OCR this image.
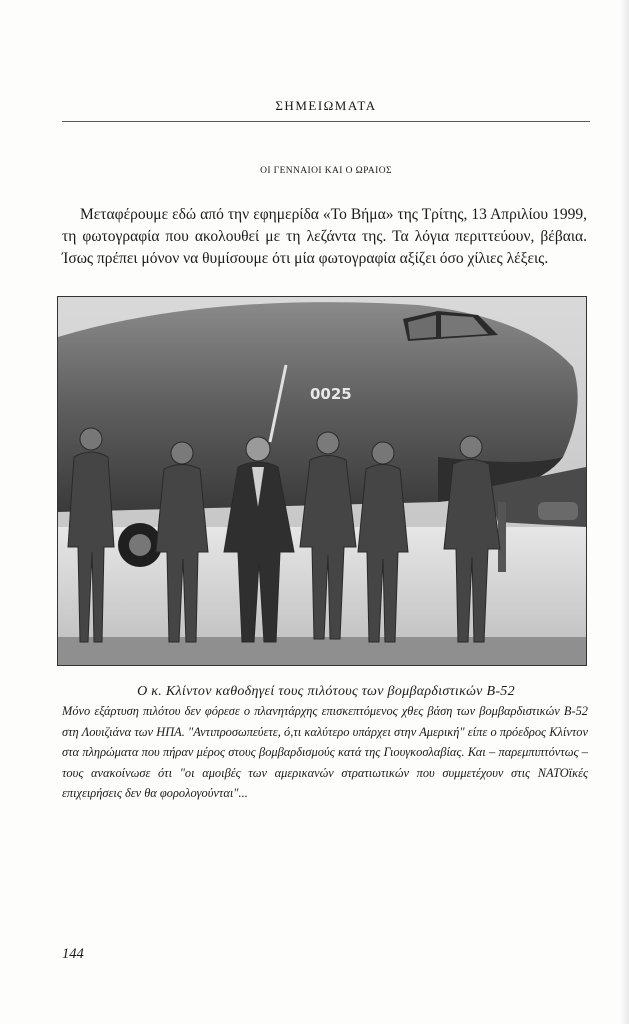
ΣΗΜΕΙΩΜΑΤΑ
ΟΙ ΓΕΝΝΑΙΟΙ ΚΑΙ Ο ΩΡΑΙΟΣ
Μεταφέρουμε εδώ από την εφημερίδα «Το Βήμα» της Τρίτης, 13 Απριλίου 1999, τη φωτογραφία που ακολουθεί με τη λεζάντα της. Τα λόγια περιττεύουν, βέβαια. Ίσως πρέπει μόνον να θυμίσουμε ότι μία φωτογραφία αξίζει όσο χίλιες λέξεις.
0025
Ο κ. Κλίντον καθοδηγεί τους πιλότους των βομβαρδιστικών Β-52
Μόνο εξάρτυση πιλότου δεν φόρεσε ο πλανητάρχης επισκεπτόμενος χθες βάση των βομβαρδιστικών Β-52 στη Λουιζιάνα των ΗΠΑ. "Αντιπροσωπεύετε, ό,τι καλύτερο υπάρχει στην Αμερική" είπε ο πρόεδρος Κλίντον στα πληρώματα που πήραν μέρος στους βομβαρδισμούς κατά της Γιουγκοσλαβίας. Και – παρεμπιπτόντως – τους ανακοίνωσε ότι "οι αμοιβές των αμερικανών στρατιωτικών που συμμετέχουν στις ΝΑΤΟϊκές επιχειρήσεις δεν θα φορολογούνται"...
144
